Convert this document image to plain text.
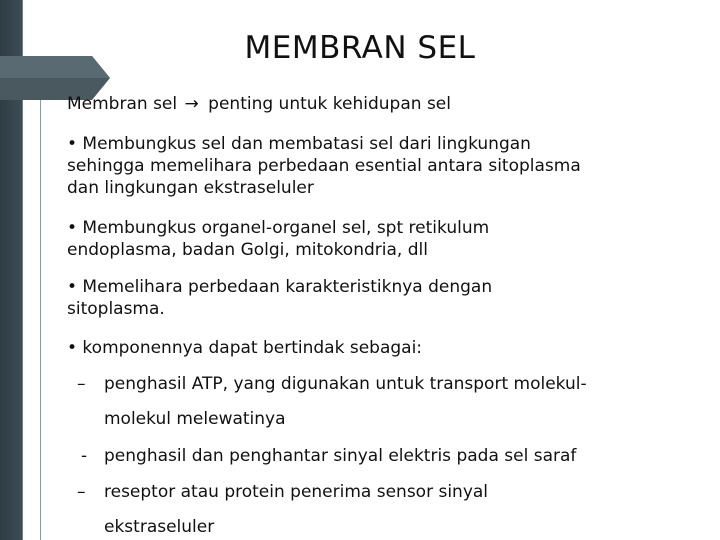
MEMBRAN SEL
Membran sel → penting untuk kehidupan sel
• Membungkus sel dan membatasi sel dari lingkungan
sehingga memelihara perbedaan esential antara sitoplasma
dan lingkungan ekstraseluler
• Membungkus organel-organel sel, spt retikulum
endoplasma, badan Golgi, mitokondria, dll
• Memelihara perbedaan karakteristiknya dengan
sitoplasma.
• komponennya dapat bertindak sebagai:
– penghasil ATP, yang digunakan untuk transport molekul-
molekul melewatinya
- penghasil dan penghantar sinyal elektris pada sel saraf
– reseptor atau protein penerima sensor sinyal
ekstraseluler
